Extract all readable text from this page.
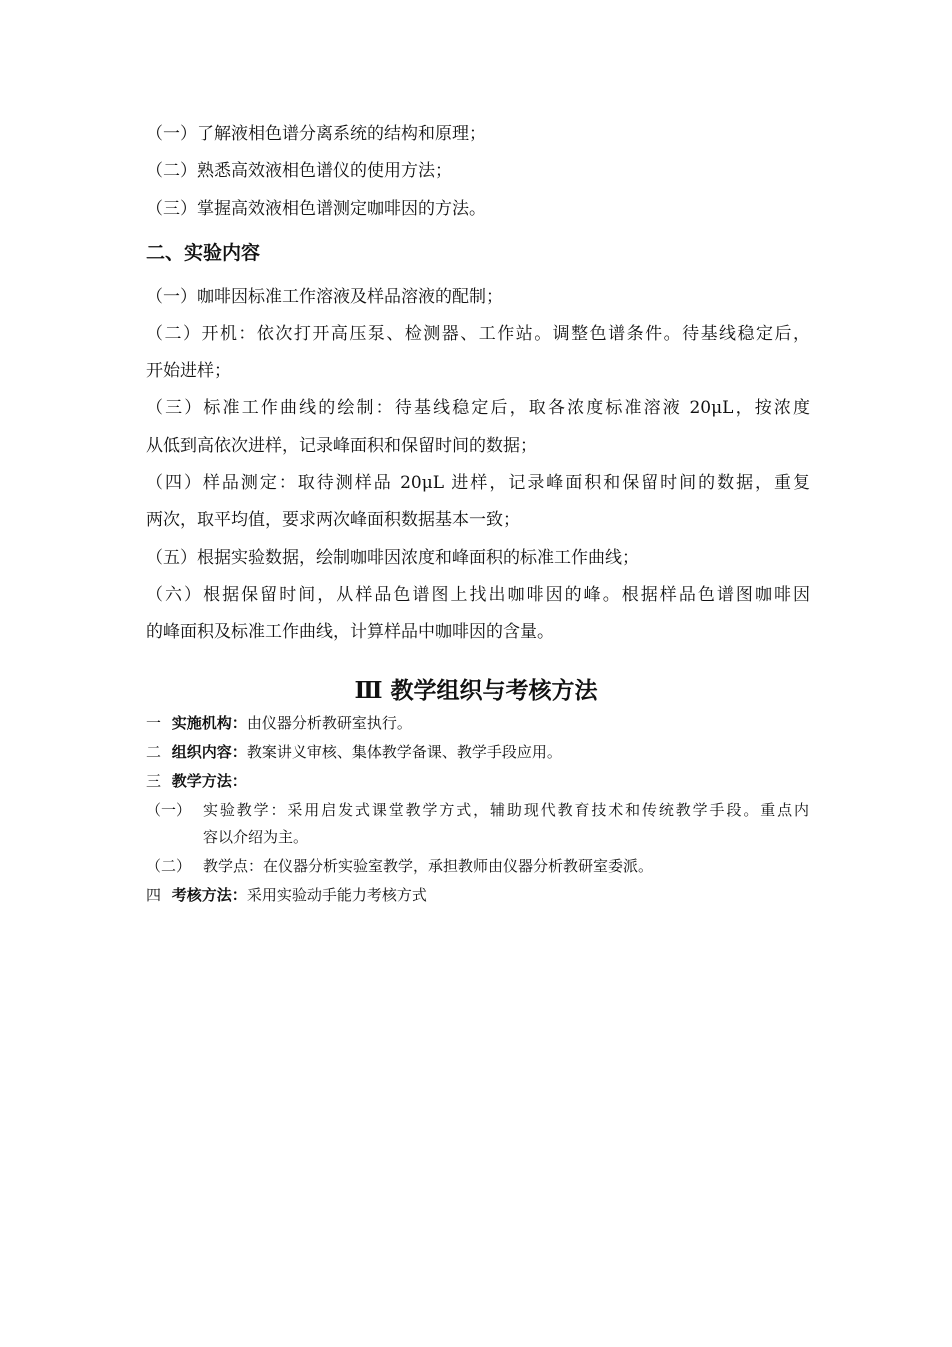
（一）了解液相色谱分离系统的结构和原理；
（二）熟悉高效液相色谱仪的使用方法；
（三）掌握高效液相色谱测定咖啡因的方法。
二、实验内容
（一）咖啡因标准工作溶液及样品溶液的配制；
（二）开机：依次打开高压泵、检测器、工作站。调整色谱条件。待基线稳定后，
开始进样；
（三）标准工作曲线的绘制：待基线稳定后，取各浓度标准溶液 20μL，按浓度
从低到高依次进样，记录峰面积和保留时间的数据；
（四）样品测定：取待测样品 20μL 进样，记录峰面积和保留时间的数据，重复
两次，取平均值，要求两次峰面积数据基本一致；
（五）根据实验数据，绘制咖啡因浓度和峰面积的标准工作曲线；
（六）根据保留时间，从样品色谱图上找出咖啡因的峰。根据样品色谱图咖啡因
的峰面积及标准工作曲线，计算样品中咖啡因的含量。
Ⅲ 教学组织与考核方法
一 实施机构：由仪器分析教研室执行。
二 组织内容：教案讲义审核、集体教学备课、教学手段应用。
三 教学方法：
（一） 实验教学：采用启发式课堂教学方式，辅助现代教育技术和传统教学手段。重点内
容以介绍为主。
（二） 教学点：在仪器分析实验室教学，承担教师由仪器分析教研室委派。
四 考核方法：采用实验动手能力考核方式
